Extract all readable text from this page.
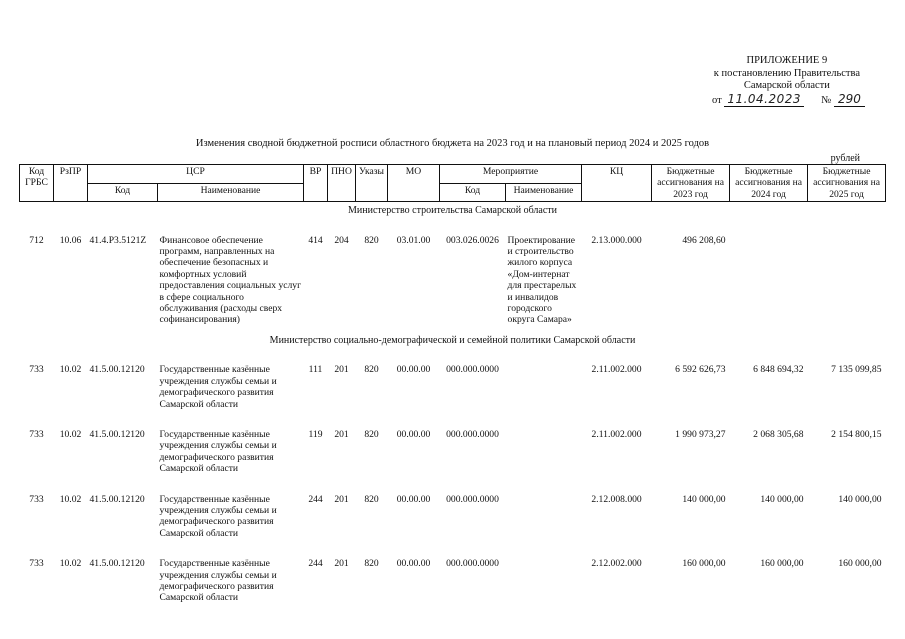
ПРИЛОЖЕНИЕ 9
к постановлению Правительства
Самарской области
от 11.04.2023 № 290
Изменения сводной бюджетной росписи областного бюджета на 2023 год и на плановый период 2024 и 2025 годов
рублей
Код ГРБС	РзПР	ЦСР		ВР	ПНО	Указы	МО	Мероприятие		КЦ	Бюджетные ассигнования на 2023 год	Бюджетные ассигнования на 2024 год	Бюджетные ассигнования на 2025 год
		Код	Наименование					Код	Наименование				
Министерство строительства Самарской области													
712	10.06	41.4.Р3.5121Z	Финансовое обеспечение программ, направленных на обеспечение безопасных и комфортных условий предоставления социальных услуг в сфере социального обслуживания (расходы сверх софинансирования)	414	204	820	03.01.00	003.026.0026	Проектирование и строительство жилого корпуса «Дом-интернат для престарелых и инвалидов городского округа Самара»	2.13.000.000	496 208,60		
Министерство социально-демографической и семейной политики Самарской области													
733	10.02	41.5.00.12120	Государственные казённые учреждения службы семьи и демографического развития Самарской области	111	201	820	00.00.00	000.000.0000		2.11.002.000	6 592 626,73	6 848 694,32	7 135 099,85
733	10.02	41.5.00.12120	Государственные казённые учреждения службы семьи и демографического развития Самарской области	119	201	820	00.00.00	000.000.0000		2.11.002.000	1 990 973,27	2 068 305,68	2 154 800,15
733	10.02	41.5.00.12120	Государственные казённые учреждения службы семьи и демографического развития Самарской области	244	201	820	00.00.00	000.000.0000		2.12.008.000	140 000,00	140 000,00	140 000,00
733	10.02	41.5.00.12120	Государственные казённые учреждения службы семьи и демографического развития Самарской области	244	201	820	00.00.00	000.000.0000		2.12.002.000	160 000,00	160 000,00	160 000,00
